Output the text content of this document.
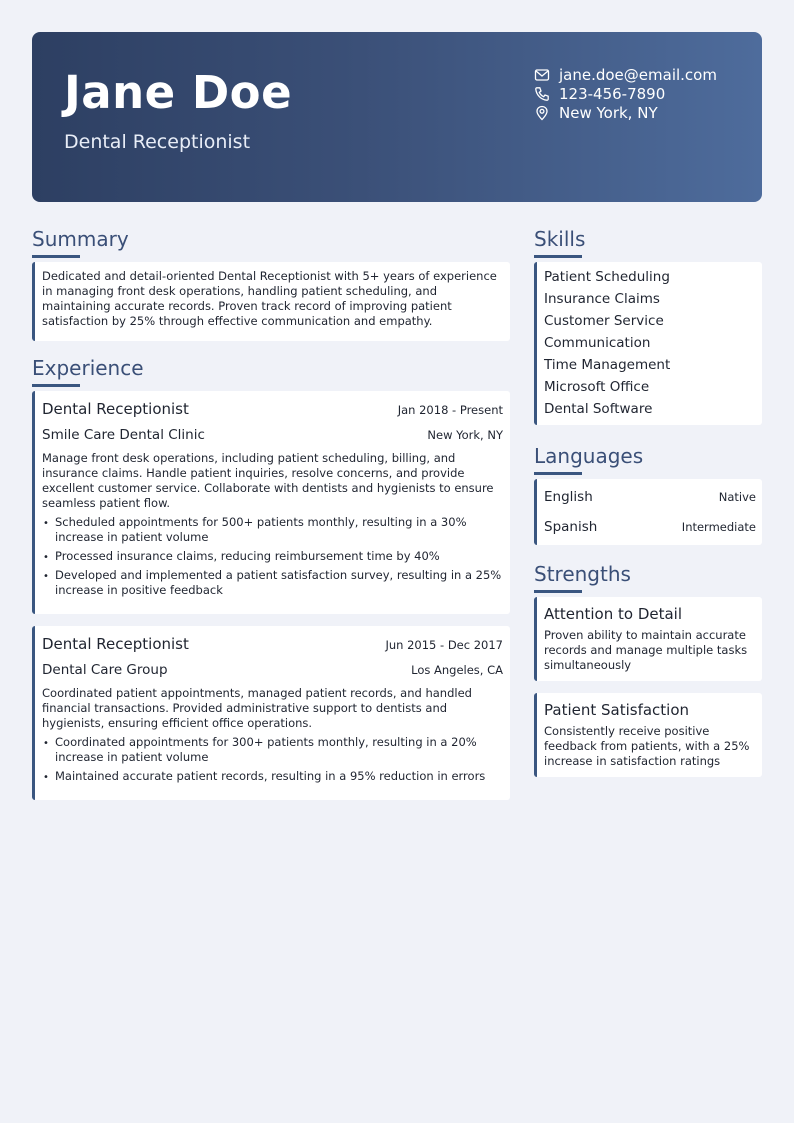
Jane Doe
Dental Receptionist
jane.doe@email.com
123-456-7890
New York, NY
Summary
Dedicated and detail-oriented Dental Receptionist with 5+ years of experience in managing front desk operations, handling patient scheduling, and maintaining accurate records. Proven track record of improving patient satisfaction by 25% through effective communication and empathy.
Experience
Dental Receptionist	Jan 2018 - Present
Smile Care Dental Clinic	New York, NY
Manage front desk operations, including patient scheduling, billing, and insurance claims. Handle patient inquiries, resolve concerns, and provide excellent customer service. Collaborate with dentists and hygienists to ensure seamless patient flow.
• Scheduled appointments for 500+ patients monthly, resulting in a 30% increase in patient volume
• Processed insurance claims, reducing reimbursement time by 40%
• Developed and implemented a patient satisfaction survey, resulting in a 25% increase in positive feedback
Dental Receptionist	Jun 2015 - Dec 2017
Dental Care Group	Los Angeles, CA
Coordinated patient appointments, managed patient records, and handled financial transactions. Provided administrative support to dentists and hygienists, ensuring efficient office operations.
• Coordinated appointments for 300+ patients monthly, resulting in a 20% increase in patient volume
• Maintained accurate patient records, resulting in a 95% reduction in errors
Skills
Patient Scheduling
Insurance Claims
Customer Service
Communication
Time Management
Microsoft Office
Dental Software
Languages
English	Native
Spanish	Intermediate
Strengths
Attention to Detail
Proven ability to maintain accurate records and manage multiple tasks simultaneously
Patient Satisfaction
Consistently receive positive feedback from patients, with a 25% increase in satisfaction ratings
